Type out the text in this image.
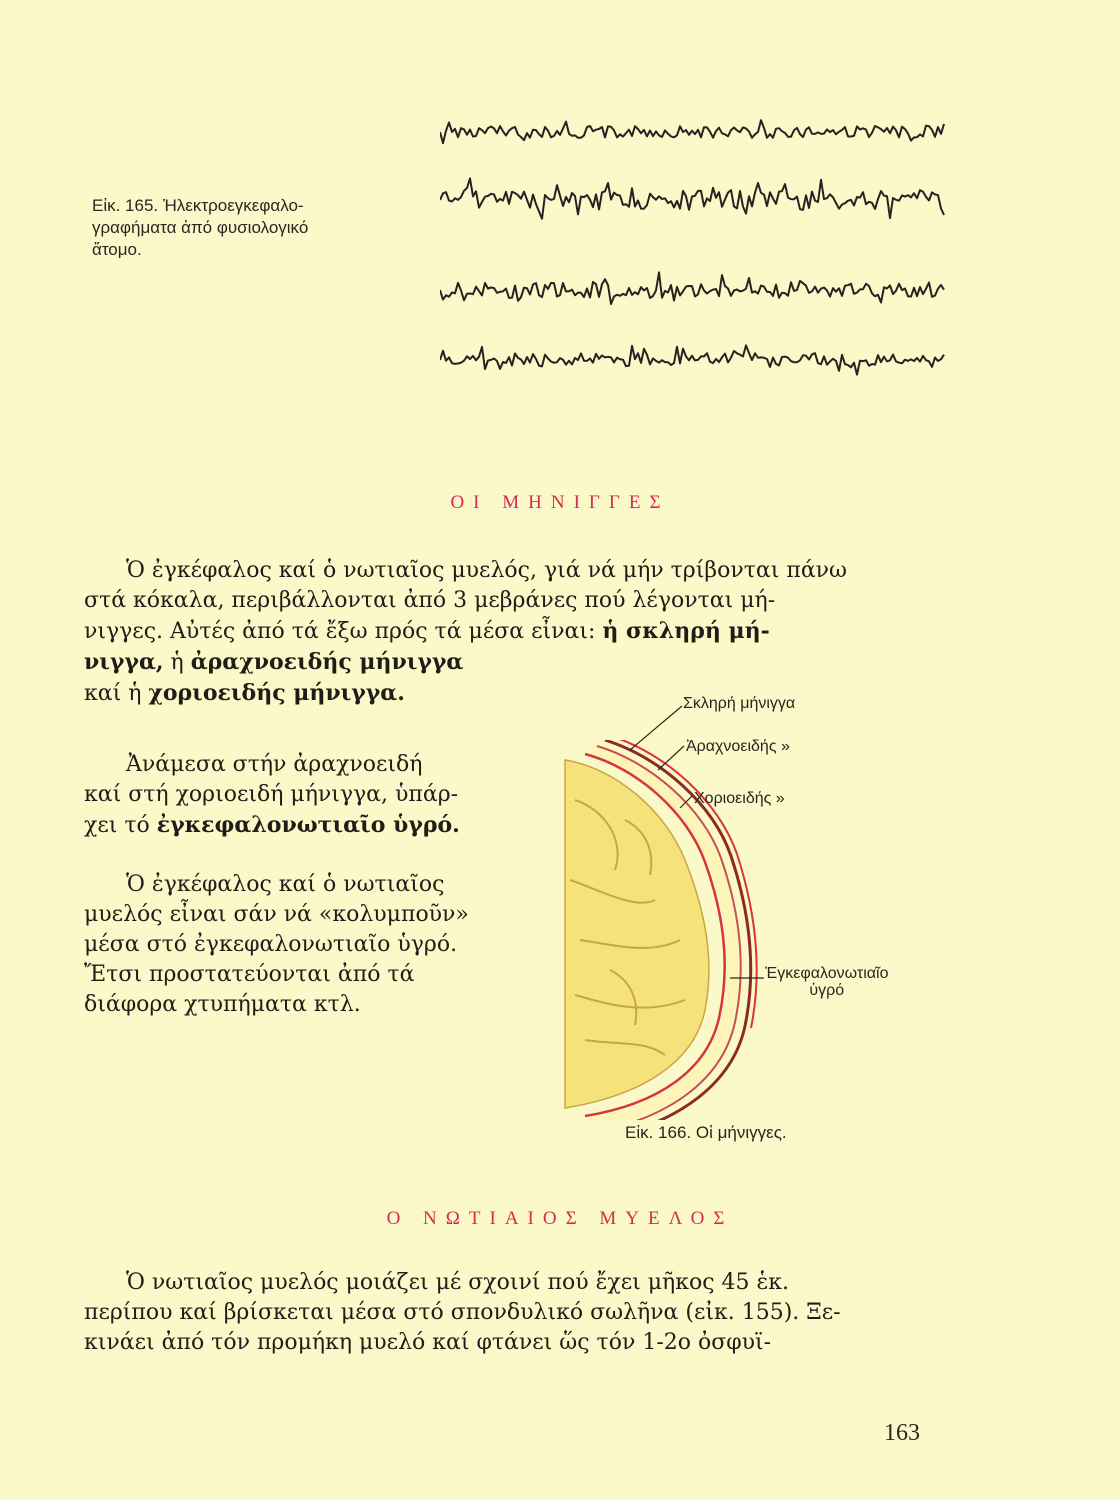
Εἰκ. 165. Ἠλεκτροεγκεφαλο-
γραφήματα ἀπό φυσιολογικό
ἄτομο.
ΟΙ ΜΗΝΙΓΓΕΣ

Ὁ ἐγκέφαλος καί ὁ νωτιαῖος μυελός, γιά νά μήν τρίβονται πάνω

στά κόκαλα, περιβάλλονται ἀπό 3 μεβράνες πού λέγονται μή-

νιγγες. Αὐτές ἀπό τά ἔξω πρός τά μέσα εἶναι: ἡ σκληρή μή-

νιγγα, ἡ ἀραχνοειδής μήνιγγα

καί ἡ χοριοειδής μήνιγγα.

Ἀνάμεσα στήν ἀραχνοειδή

καί στή χοριοειδή μήνιγγα, ὑπάρ-

χει τό ἐγκεφαλονωτιαῖο ὑγρό.

Ὁ ἐγκέφαλος καί ὁ νωτιαῖος

μυελός εἶναι σάν νά «κολυμποῦν»

μέσα στό ἐγκεφαλονωτιαῖο ὑγρό.

Ἔτσι προστατεύονται ἀπό τά

διάφορα χτυπήματα κτλ.

Σκληρή μήνιγγα
Ἀραχνοειδής »
Χοριοειδής »
Ἐγκεφαλονωτιαῖο
ὑγρό
Εἰκ. 166. Οἱ μήνιγγες.
Ο ΝΩΤΙΑΙΟΣ ΜΥΕΛΟΣ

Ὁ νωτιαῖος μυελός μοιάζει μέ σχοινί πού ἔχει μῆκος 45 ἑκ.

περίπου καί βρίσκεται μέσα στό σπονδυλικό σωλῆνα (εἰκ. 155). Ξε-

κινάει ἀπό τόν προμήκη μυελό καί φτάνει ὥς τόν 1-2ο ὀσφυϊ-

163
